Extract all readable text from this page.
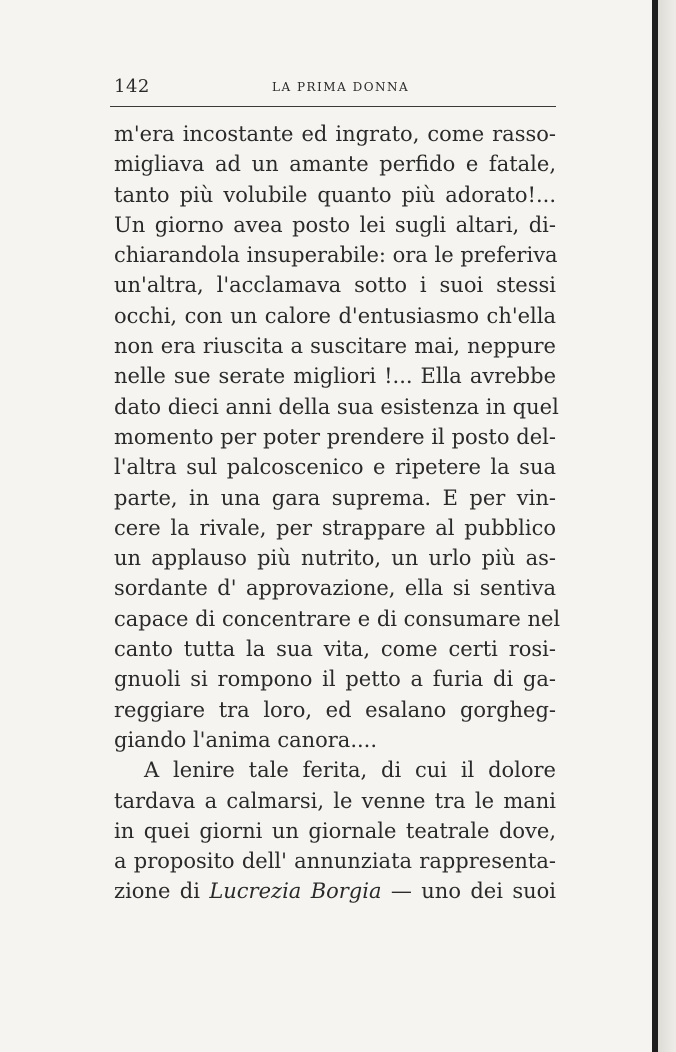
142	LA PRIMA DONNA
m'era incostante ed ingrato, come rasso-
migliava ad un amante perfido e fatale,
tanto più volubile quanto più adorato!...
Un giorno avea posto lei sugli altari, di-
chiarandola insuperabile: ora le preferiva
un'altra, l'acclamava sotto i suoi stessi
occhi, con un calore d'entusiasmo ch'ella
non era riuscita a suscitare mai, neppure
nelle sue serate migliori !... Ella avrebbe
dato dieci anni della sua esistenza in quel
momento per poter prendere il posto del-
l'altra sul palcoscenico e ripetere la sua
parte, in una gara suprema. E per vin-
cere la rivale, per strappare al pubblico
un applauso più nutrito, un urlo più as-
sordante d' approvazione, ella si sentiva
capace di concentrare e di consumare nel
canto tutta la sua vita, come certi rosi-
gnuoli si rompono il petto a furia di ga-
reggiare tra loro, ed esalano gorgheg-
giando l'anima canora....
A lenire tale ferita, di cui il dolore
tardava a calmarsi, le venne tra le mani
in quei giorni un giornale teatrale dove,
a proposito dell' annunziata rappresenta-
zione di Lucrezia Borgia — uno dei suoi
